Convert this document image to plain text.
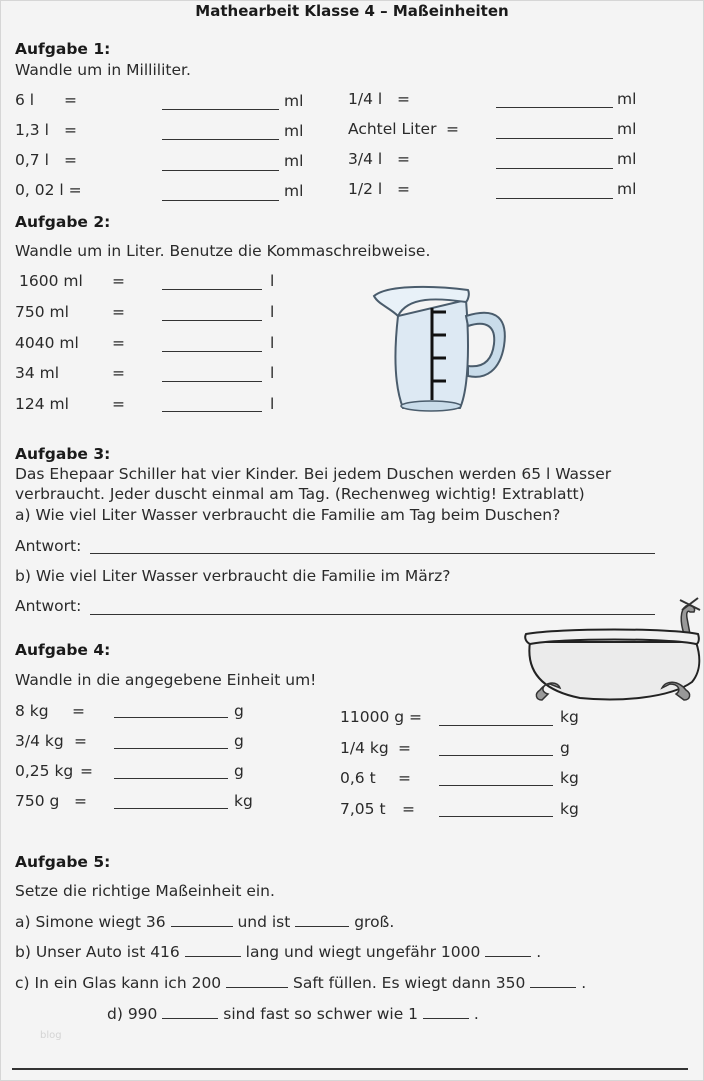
Mathearbeit Klasse 4 – Maßeinheiten
Aufgabe 1:
Wandle um in Milliliter.
6 l =	ml
1,3 l =	ml
0,7 l =	ml
0, 02 l =	ml
1/4 l =	ml
Achtel Liter =	ml
3/4 l =	ml
1/2 l =	ml
Aufgabe 2:
Wandle um in Liter. Benutze die Kommaschreibweise.
1600 ml =	l
750 ml	=	l
4040 ml =	l
34 ml	=	l
124 ml	=	l
Aufgabe 3:
Das Ehepaar Schiller hat vier Kinder. Bei jedem Duschen werden 65 l Wasser
verbraucht. Jeder duscht einmal am Tag. (Rechenweg wichtig! Extrablatt)
a) Wie viel Liter Wasser verbraucht die Familie am Tag beim Duschen?
Antwort:
b) Wie viel Liter Wasser verbraucht die Familie im März?
Antwort:
Aufgabe 4:
Wandle in die angegebene Einheit um!
8 kg =	g
3/4 kg =	g
0,25 kg =	g
750 g =	kg
11000 g =	kg
1/4 kg =	g
0,6 t =	kg
7,05 t =	kg
Aufgabe 5:
Setze die richtige Maßeinheit ein.
a) Simone wiegt 36	und ist	groß.
b) Unser Auto ist 416	lang und wiegt ungefähr 1000	.
c) In ein Glas kann ich 200	Saft füllen. Es wiegt dann 350	.
d) 990	sind fast so schwer wie 1	.
blog
